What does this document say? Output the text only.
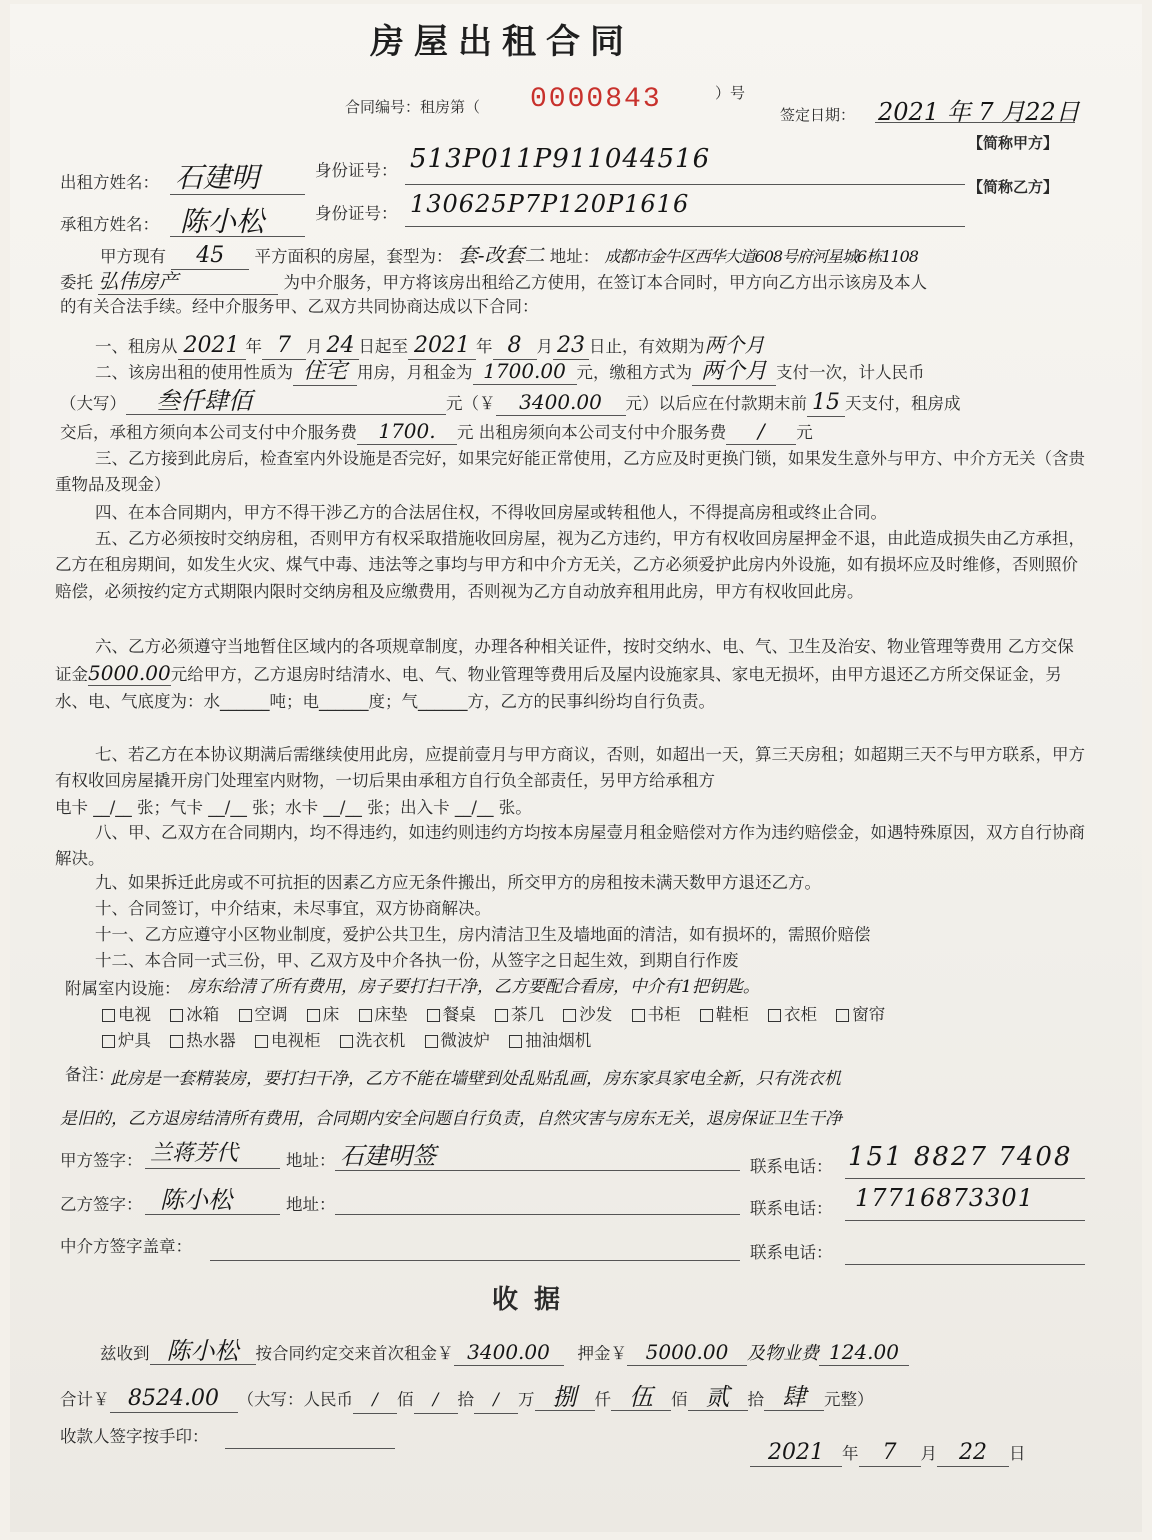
房屋出租合同
合同编号：租房第（ 0000843	）号
签定日期： 2021 年 7 月22日
【简称甲方】
【简称乙方】
出租方姓名： 石建明	身份证号： 513P011P911044516
承租方姓名： 陈小松	身份证号： 130625P7P120P1616
甲方现有 45 平方面积的房屋，套型为： 套-改套二 地址： 成都市金牛区西华大道608号府河星城6栋1108
委托 弘伟房产	为中介服务，甲方将该房出租给乙方使用，在签订本合同时，甲方向乙方出示该房及本人
的有关合法手续。经中介服务甲、乙双方共同协商达成以下合同：
一、租房从 2021 年 7 月 24 日起至 2021 年 8 月 23 日止，有效期为两个月
二、该房出租的使用性质为 住宅 用房，月租金为 1700.00 元，缴租方式为 两个月 支付一次，计人民币
（大写） 叁仟肆佰	元（￥ 3400.00 元）以后应在付款期末前 15 天支付，租房成
交后，承租方须向本公司支付中介服务费 1700. 元 出租房须向本公司支付中介服务费 / 元
三、乙方接到此房后，检查室内外设施是否完好，如果完好能正常使用，乙方应及时更换门锁，如果发生意外与甲方、中介方无关（含贵重物品及现金）
四、在本合同期内，甲方不得干涉乙方的合法居住权，不得收回房屋或转租他人，不得提高房租或终止合同。
五、乙方必须按时交纳房租，否则甲方有权采取措施收回房屋，视为乙方违约，甲方有权收回房屋押金不退，由此造成损失由乙方承担，乙方在租房期间，如发生火灾、煤气中毒、违法等之事均与甲方和中介方无关，乙方必须爱护此房内外设施，如有损坏应及时维修，否则照价赔偿，必须按约定方式期限内限时交纳房租及应缴费用，否则视为乙方自动放弃租用此房，甲方有权收回此房。
六、乙方必须遵守当地暂住区域内的各项规章制度，办理各种相关证件，按时交纳水、电、气、卫生及治安、物业管理等费用 乙方交保证金5000.00元给甲方，乙方退房时结清水、电、气、物业管理等费用后及屋内设施家具、家电无损坏，由甲方退还乙方所交保证金，另水、电、气底度为：水______吨；电______度；气______方，乙方的民事纠纷均自行负责。
七、若乙方在本协议期满后需继续使用此房，应提前壹月与甲方商议，否则，如超出一天，算三天房租；如超期三天不与甲方联系，甲方有权收回房屋撬开房门处理室内财物，一切后果由承租方自行负全部责任，另甲方给承租方
电卡 __/__ 张；气卡 __/__ 张；水卡 __/__ 张；出入卡 __/__ 张。
八、甲、乙双方在合同期内，均不得违约，如违约则违约方均按本房屋壹月租金赔偿对方作为违约赔偿金，如遇特殊原因，双方自行协商解决。
九、如果拆迁此房或不可抗拒的因素乙方应无条件搬出，所交甲方的房租按未满天数甲方退还乙方。
十、合同签订，中介结束，未尽事宜，双方协商解决。
十一、乙方应遵守小区物业制度，爱护公共卫生，房内清洁卫生及墙地面的清洁，如有损坏的，需照价赔偿
十二、本合同一式三份，甲、乙双方及中介各执一份，从签字之日起生效，到期自行作废
附属室内设施： 房东给清了所有费用，房子要打扫干净，乙方要配合看房，中介有1把钥匙。
电视 冰箱 空调 床 床垫 餐桌 茶几 沙发 书柜 鞋柜 衣柜 窗帘
炉具 热水器 电视柜 洗衣机 微波炉 抽油烟机
备注：
此房是一套精装房，要打扫干净，乙方不能在墙壁到处乱贴乱画，房东家具家电全新，只有洗衣机
是旧的，乙方退房结清所有费用，合同期内安全问题自行负责，自然灾害与房东无关，退房保证卫生干净
甲方签字： 兰蒋芳代	地址： 石建明签	联系电话： 151 8827 7408
乙方签字： 陈小松	地址：	联系电话： 17716873301
中介方签字盖章：	联系电话：
收据
兹收到 陈小松 按合同约定交来首次租金￥ 3400.00 押金￥ 5000.00 及物业费 124.00
合计￥ 8524.00 （大写：人民币 / 佰 / 拾 / 万 捌 仟 伍 佰 贰 拾 肆 元整）
收款人签字按手印：
2021 年 7 月 22 日
